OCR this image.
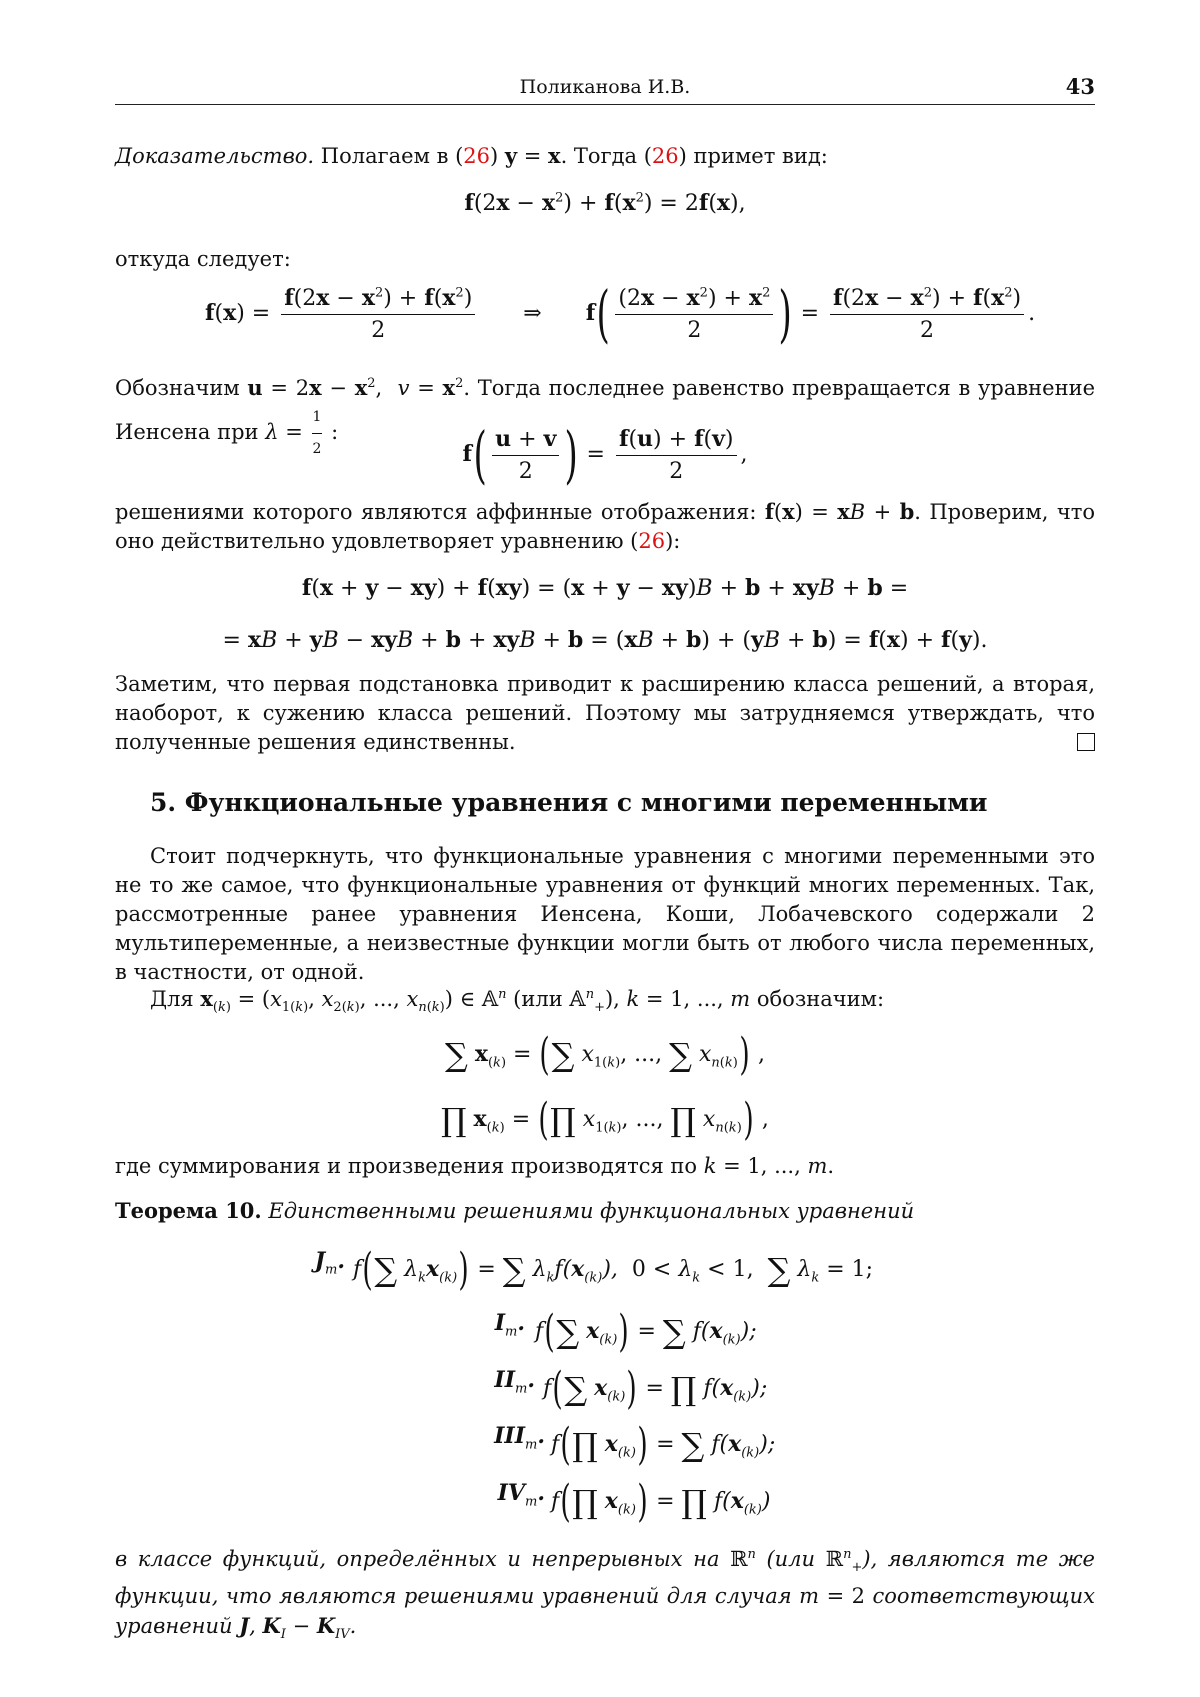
Поликанова И.В.	43
Доказательство. Полагаем в (26) y = x. Тогда (26) примет вид:
$f(2x - x^2) + f(x^2) = 2f(x)$,
откуда следует:
$f(x) = \frac{f(2x - x^2) + f(x^2)}{2}$ ⇒ $f( \frac{(2x - x^2) + x^2}{2}$ ) = $\frac{f(2x - x^2) + f(x^2)}{2}$ .
Обозначим $u = 2x - x^2$,  $v = x^2$. Тогда последнее равенство превращается в уравнение Иенсена при $\lambda = \frac{1}{2}$ :
$f( \frac{u + v}{2}$ ) = $\frac{f(u) + f(v)}{2}$ ,
решениями которого являются аффинные отображения: f(x) = xB + b. Проверим, что оно действительно удовлетворяет уравнению (26):
f(x + y − xy) + f(xy) = (x + y − xy)B + b + xyB + b =
= xB + yB − xyB + b + xyB + b = (xB + b) + (yB + b) = f(x) + f(y).
Заметим, что первая подстановка приводит к расширению класса решений, а вторая, наоборот, к сужению класса решений. Поэтому мы затрудняемся утверждать, что полученные решения единственны.
5. Функциональные уравнения с многими переменными
Стоит подчеркнуть, что функциональные уравнения с многими переменными это не то же самое, что функциональные уравнения от функций многих переменных. Так, рассмотренные ранее уравнения Иенсена, Коши, Лобачевского содержали 2 мультипеременные, а неизвестные функции могли быть от любого числа переменных, в частности, от одной.
Для $x_{(k)} = (x_{1(k)}$, $x_{2(k)}$, ..., $x_{n(k)}$) ∈ 𝔸$^n$ (или 𝔸$^n_+$), k = 1, ..., m обозначим:
∑ $x_{(k)}$ = (∑ $x_{1(k)}$, ..., ∑ $x_{n(k)}$) ,
∏ $x_{(k)}$ = (∏ $x_{1(k)}$, ..., ∏ $x_{n(k)}$) ,
где суммирования и произведения производятся по k = 1, ..., m.
Теорема 10. Единственными решениями функциональных уравнений
$J_m$. f(∑ $\lambda_kx_{(k)}$) = ∑ $\lambda_kf(x_{(k)})$,  $0 < \lambda_k < 1$,  ∑ $\lambda_k = 1$;
$I_m$. f(∑ $x_{(k)}$) = ∑ $f(x_{(k)})$;
$II_m$. f(∑ $x_{(k)}$) = ∏ $f(x_{(k)})$;
$III_m$. f(∏ $x_{(k)}$) = ∑ $f(x_{(k)})$;
$IV_m$. f(∏ $x_{(k)}$) = ∏ $f(x_{(k)})$
в классе функций, определённых и непрерывных на ℝ$^n$ (или ℝ$^n_+$), являются те же функции, что являются решениями уравнений для случая m = 2 соответствующих уравнений J, $K_I - K_{IV}$.
